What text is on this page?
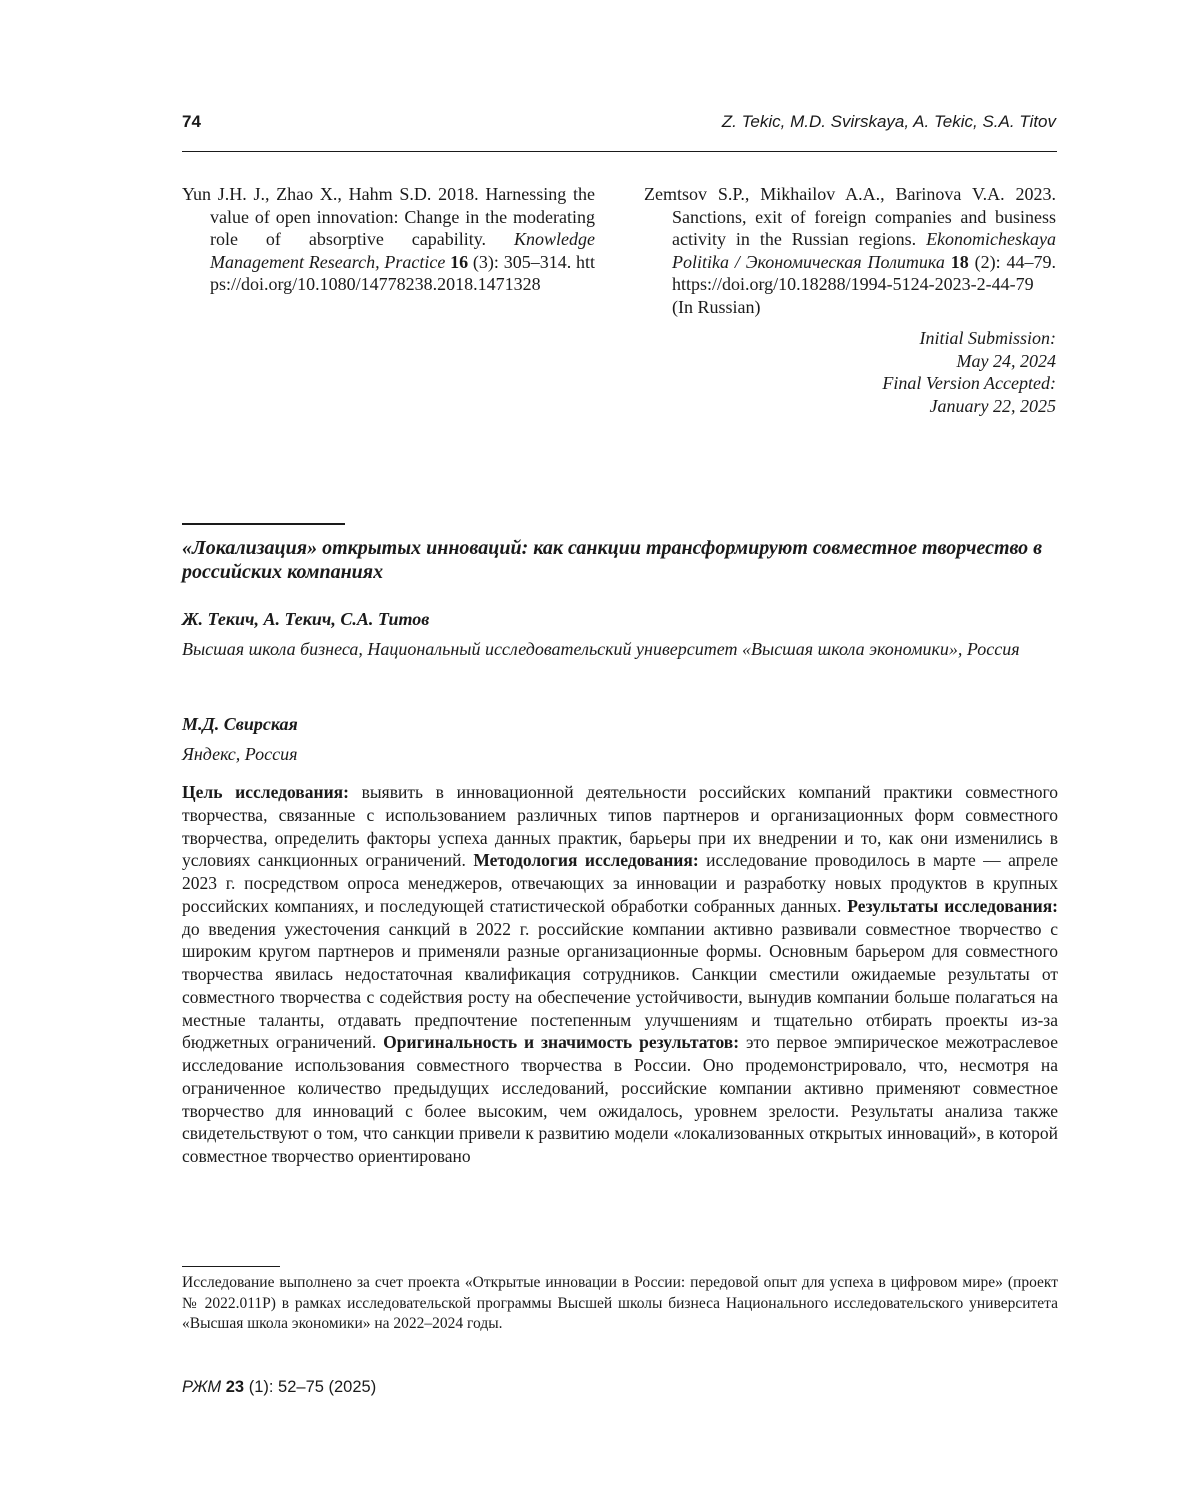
74	Z. Tekic, M.D. Svirskaya, A. Tekic, S.A. Titov

Yun J.H. J., Zhao X., Hahm S.D. 2018. Harnessing the value of open innovation: Change in the moderating role of absorptive capability. Knowledge Management Research, Practice 16 (3): 305–314. https://doi.org/10.1080/14778238.2018.1471328

Zemtsov S.P., Mikhailov A.A., Barinova V.A. 2023. Sanctions, exit of foreign companies and business activity in the Russian regions. Ekonomicheskaya Politika / Экономическая Политика 18 (2): 44–79. https://doi.org/10.18288/1994-5124-2023-2-44-79 (In Russian)

Initial Submission:
May 24, 2024
Final Version Accepted:
January 22, 2025
«Локализация» открытых инноваций: как санкции трансформируют совместное творчество в российских компаниях
Ж. Текич, А. Текич, С.А. Титов
Высшая школа бизнеса, Национальный исследовательский университет «Высшая школа экономики», Россия
М.Д. Свирская
Яндекс, Россия

Цель исследования: выявить в инновационной деятельности российских компаний практики совместного творчества, связанные с использованием различных типов партнеров и организационных форм совместного творчества, определить факторы успеха данных практик, барьеры при их внедрении и то, как они изменились в условиях санкционных ограничений. Методология исследования: исследование проводилось в марте — апреле 2023 г. посредством опроса менеджеров, отвечающих за инновации и разработку новых продуктов в крупных российских компаниях, и последующей статистической обработки собранных данных. Результаты исследования: до введения ужесточения санкций в 2022 г. российские компании активно развивали совместное творчество с широким кругом партнеров и применяли разные организационные формы. Основным барьером для совместного творчества явилась недостаточная квалификация сотрудников. Санкции сместили ожидаемые результаты от совместного творчества с содействия росту на обеспечение устойчивости, вынудив компании больше полагаться на местные таланты, отдавать предпочтение постепенным улучшениям и тщательно отбирать проекты из-за бюджетных ограничений. Оригинальность и значимость результатов: это первое эмпирическое межотраслевое исследование использования совместного творчества в России. Оно продемонстрировало, что, несмотря на ограниченное количество предыдущих исследований, российские компании активно применяют совместное творчество для инноваций с более высоким, чем ожидалось, уровнем зрелости. Результаты анализа также свидетельствуют о том, что санкции привели к развитию модели «локализованных открытых инноваций», в которой совместное творчество ориентировано

Исследование выполнено за счет проекта «Открытые инновации в России: передовой опыт для успеха в цифровом мире» (проект № 2022.011Р) в рамках исследовательской программы Высшей школы бизнеса Национального исследовательского университета «Высшая школа экономики» на 2022–2024 годы.

РЖМ 23 (1): 52–75 (2025)
